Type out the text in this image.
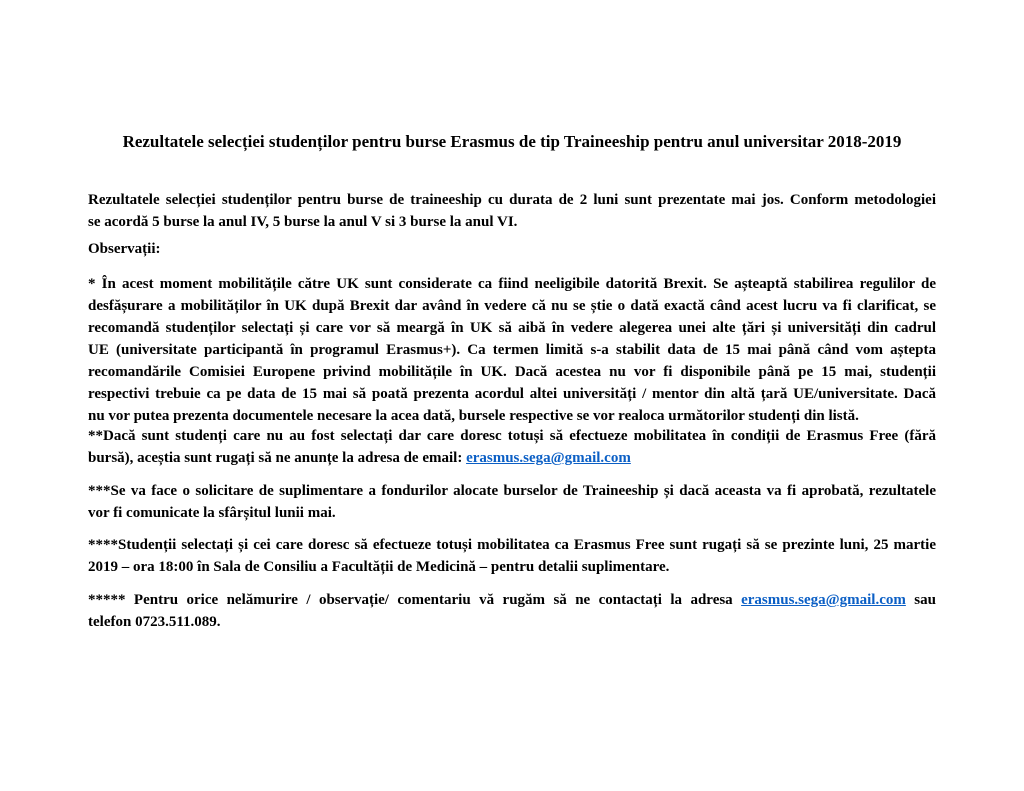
Rezultatele selecției studenților pentru burse Erasmus de tip Traineeship pentru anul universitar 2018-2019
Rezultatele selecției studenților pentru burse de traineeship cu durata de 2 luni sunt prezentate mai jos. Conform metodologiei
se acordă 5 burse la anul IV, 5 burse la anul V si 3 burse la anul VI.
Observații:
* În acest moment mobilitățile către UK sunt considerate ca fiind neeligibile datorită Brexit. Se așteaptă stabilirea regulilor de
desfășurare a mobilităților în UK după Brexit dar având în vedere că nu se știe o dată exactă când acest lucru va fi clarificat, se
recomandă studenților selectați și care vor să meargă în UK să aibă în vedere alegerea unei alte țări și universități din cadrul
UE (universitate participantă în programul Erasmus+). Ca termen limită s-a stabilit data de 15 mai până când vom aștepta
recomandările Comisiei Europene privind mobilitățile în UK. Dacă acestea nu vor fi disponibile până pe 15 mai, studenții
respectivi trebuie ca pe data de 15 mai să poată prezenta acordul altei universități / mentor din altă țară UE/universitate. Dacă
nu vor putea prezenta documentele necesare la acea dată, bursele respective se vor realoca următorilor studenți din listă.
**Dacă sunt studenți care nu au fost selectați dar care doresc totuși să efectueze mobilitatea în condiții de Erasmus Free (fără
bursă), aceștia sunt rugați să ne anunțe la adresa de email: erasmus.sega@gmail.com
***Se va face o solicitare de suplimentare a fondurilor alocate burselor de Traineeship și dacă aceasta va fi aprobată, rezultatele
vor fi comunicate la sfârșitul lunii mai.
****Studenții selectați și cei care doresc să efectueze totuși mobilitatea ca Erasmus Free sunt rugați să se prezinte luni, 25 martie
2019 – ora 18:00 în Sala de Consiliu a Facultății de Medicină – pentru detalii suplimentare.
***** Pentru orice nelămurire / observație/ comentariu vă rugăm să ne contactați la adresa erasmus.sega@gmail.com sau
telefon 0723.511.089.
